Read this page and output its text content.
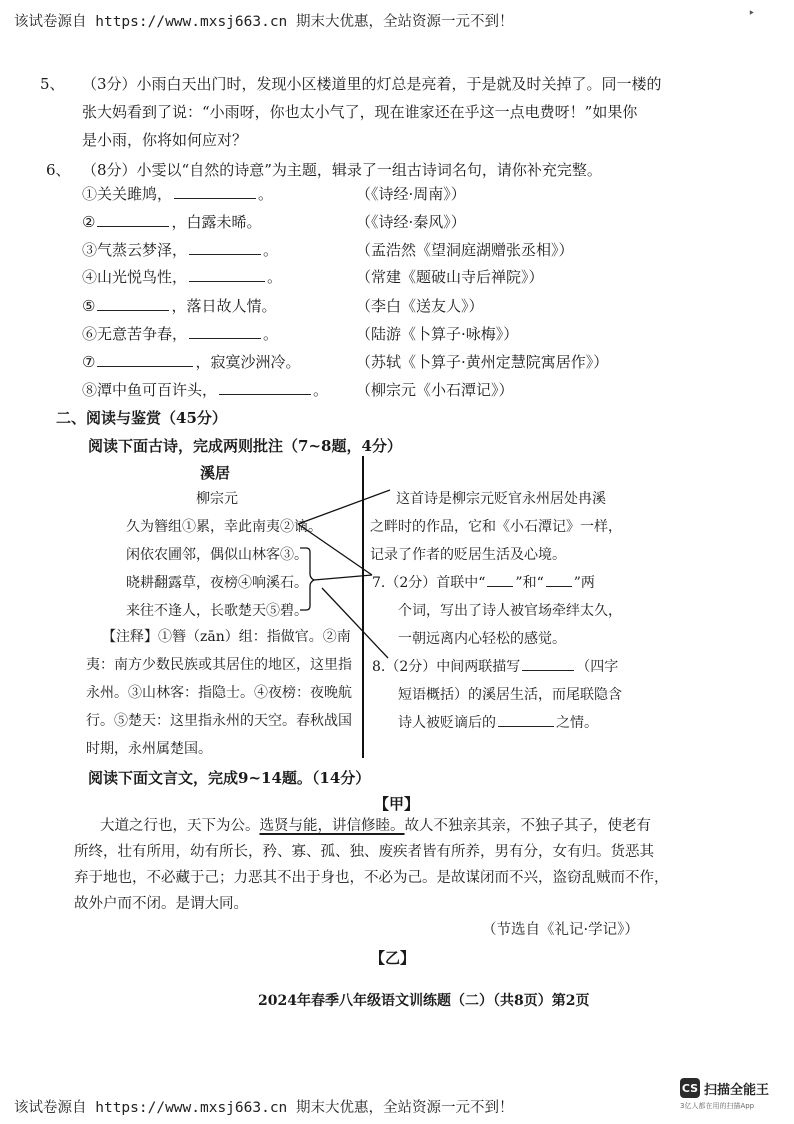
该试卷源自 https://www.mxsj663.cn 期末大优惠，全站资源一元不到！
‣
5、 （3分）小雨白天出门时，发现小区楼道里的灯总是亮着，于是就及时关掉了。同一楼的
张大妈看到了说：“小雨呀，你也太小气了，现在谁家还在乎这一点电费呀！”如果你
是小雨，你将如何应对？
6、 （8分）小雯以“自然的诗意”为主题，辑录了一组古诗词名句，请你补充完整。
①关关雎鸠，	。	（《诗经·周南》）
②	，白露未晞。	（《诗经·秦风》）
③气蒸云梦泽，	。	（孟浩然《望洞庭湖赠张丞相》）
④山光悦鸟性，	。	（常建《题破山寺后禅院》）
⑤	，落日故人情。	（李白《送友人》）
⑥无意苦争春，	。	（陆游《卜算子·咏梅》）
⑦	，寂寞沙洲冷。	（苏轼《卜算子·黄州定慧院寓居作》）
⑧潭中鱼可百许头，	。 （柳宗元《小石潭记》）
二、阅读与鉴赏（45分）
阅读下面古诗，完成两则批注（7~8题，4分）
溪居
柳宗元
久为簪组①累，幸此南夷②谪。
闲依农圃邻，偶似山林客③。
晓耕翻露草，夜榜④响溪石。
来往不逢人，长歌楚天⑤碧。
【注释】①簪（zān）组：指做官。②南
夷：南方少数民族或其居住的地区，这里指
永州。③山林客：指隐士。④夜榜：夜晚航
行。⑤楚天：这里指永州的天空。春秋战国
时期，永州属楚国。
这首诗是柳宗元贬官永州居处冉溪
之畔时的作品，它和《小石潭记》一样，
记录了作者的贬居生活及心境。
7.（2分）首联中“ ”和“ ”两
个词，写出了诗人被官场牵绊太久，
一朝远离内心轻松的感觉。
8.（2分）中间两联描写	（四字
短语概括）的溪居生活，而尾联隐含
诗人被贬谪后的	之情。
阅读下面文言文，完成9~14题。（14分）
【甲】
大道之行也，天下为公。选贤与能，讲信修睦。故人不独亲其亲，不独子其子，使老有
所终，壮有所用，幼有所长，矜、寡、孤、独、废疾者皆有所养，男有分，女有归。货恶其
弃于地也，不必藏于己；力恶其不出于身也，不必为己。是故谋闭而不兴，盗窃乱贼而不作，
故外户而不闭。是谓大同。
（节选自《礼记·学记》）
【乙】
2024年春季八年级语文训练题（二）（共8页）第2页
该试卷源自 https://www.mxsj663.cn 期末大优惠，全站资源一元不到！
CS 扫描全能王
3亿人都在用的扫描App
